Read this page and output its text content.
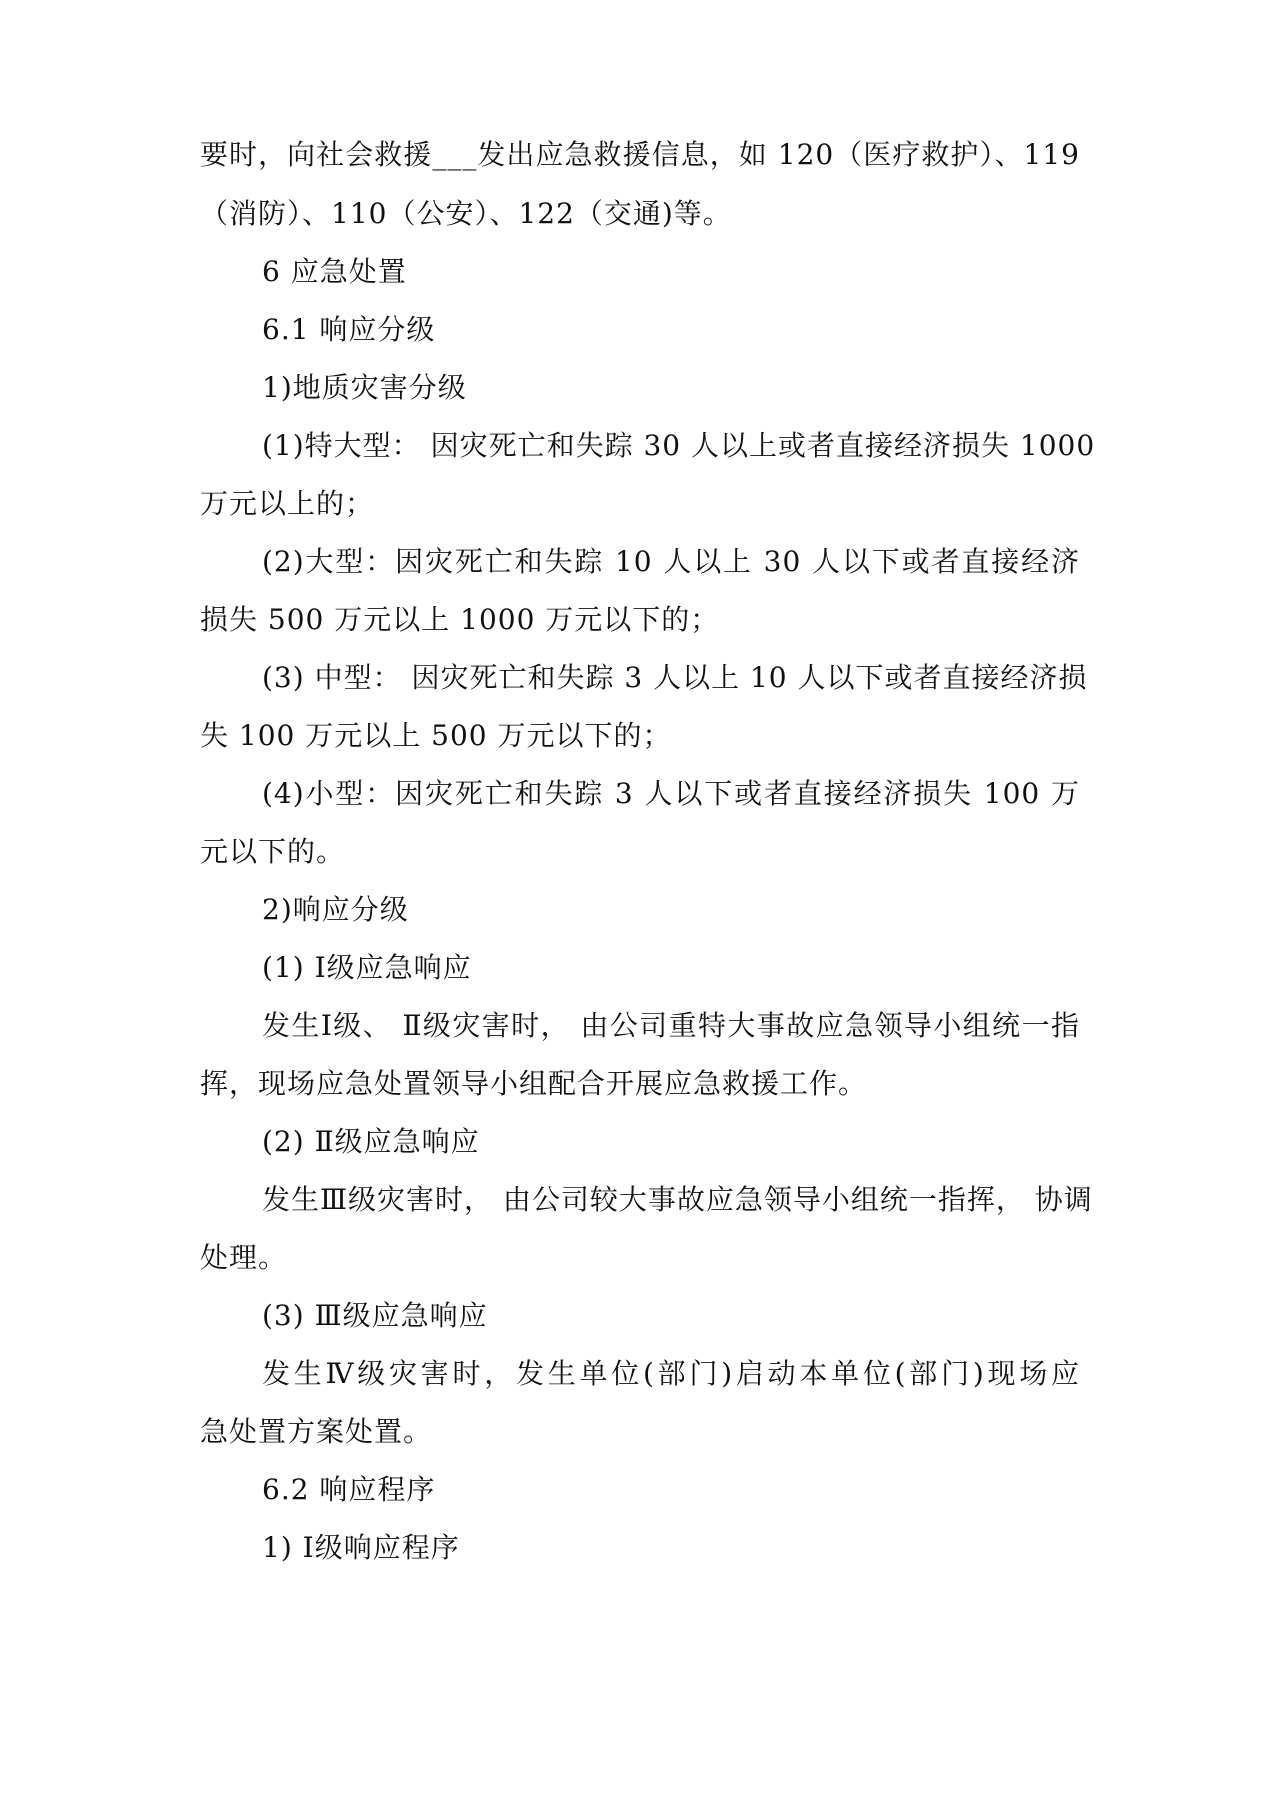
要时，向社会救援___发出应急救援信息，如 120（医疗救护）、119
（消防）、110（公安）、122（交通)等。
6 应急处置
6.1 响应分级
1)地质灾害分级
(1)特大型： 因灾死亡和失踪 30 人以上或者直接经济损失 1000
万元以上的；
(2)大型：因灾死亡和失踪 10 人以上 30 人以下或者直接经济
损失 500 万元以上 1000 万元以下的；
(3) 中型： 因灾死亡和失踪 3 人以上 10 人以下或者直接经济损
失 100 万元以上 500 万元以下的；
(4)小型：因灾死亡和失踪 3 人以下或者直接经济损失 100 万
元以下的。
2)响应分级
(1) Ⅰ级应急响应
发生Ⅰ级、 Ⅱ级灾害时， 由公司重特大事故应急领导小组统一指
挥，现场应急处置领导小组配合开展应急救援工作。
(2) Ⅱ级应急响应
发生Ⅲ级灾害时， 由公司较大事故应急领导小组统一指挥， 协调
处理。
(3) Ⅲ级应急响应
发生Ⅳ级灾害时，发生单位(部门)启动本单位(部门)现场应
急处置方案处置。
6.2 响应程序
1) Ⅰ级响应程序
